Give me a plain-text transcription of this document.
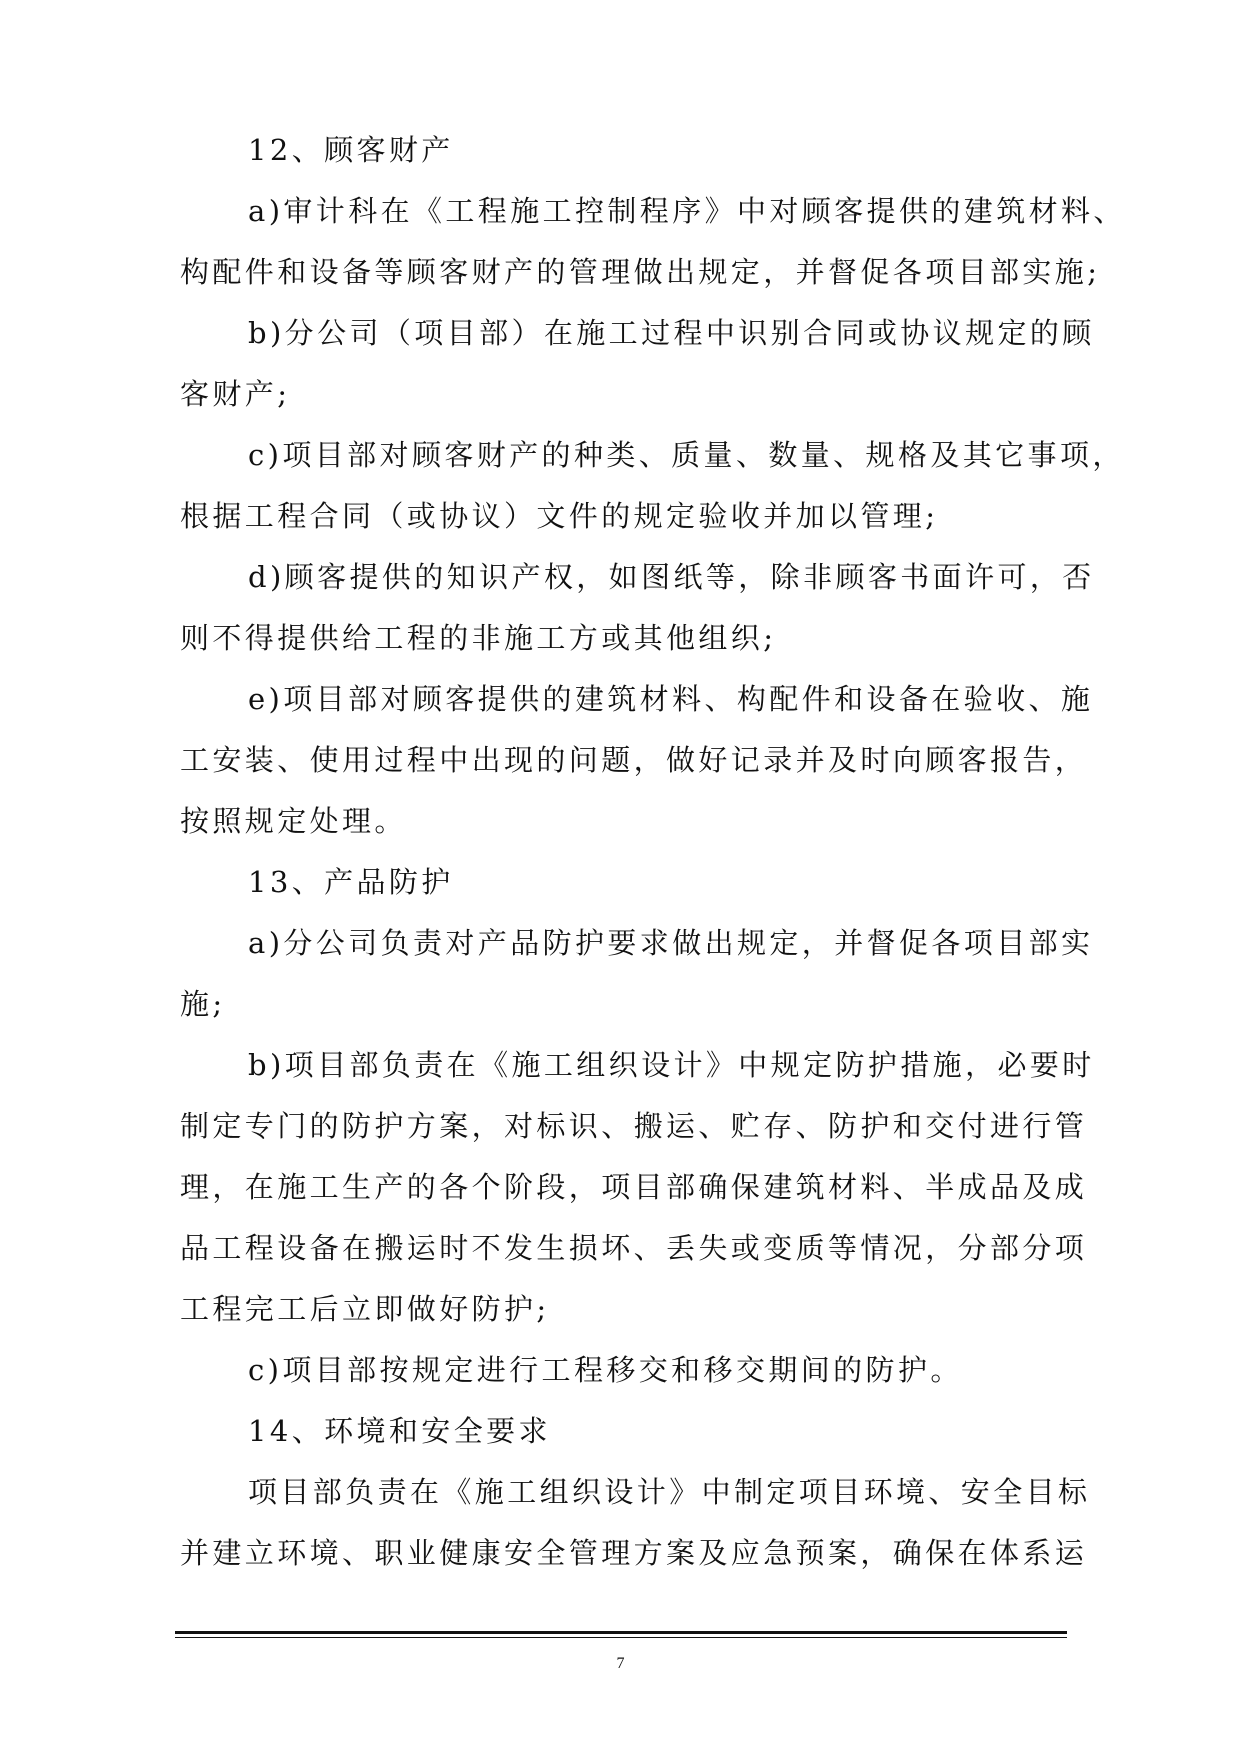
12、顾客财产
a)审计科在《工程施工控制程序》中对顾客提供的建筑材料、
构配件和设备等顾客财产的管理做出规定，并督促各项目部实施;
b)分公司（项目部）在施工过程中识别合同或协议规定的顾
客财产;
c)项目部对顾客财产的种类、质量、数量、规格及其它事项，
根据工程合同（或协议）文件的规定验收并加以管理;
d)顾客提供的知识产权，如图纸等，除非顾客书面许可，否
则不得提供给工程的非施工方或其他组织;
e)项目部对顾客提供的建筑材料、构配件和设备在验收、施
工安装、使用过程中出现的问题，做好记录并及时向顾客报告，
按照规定处理。
13、产品防护
a)分公司负责对产品防护要求做出规定，并督促各项目部实
施;
b)项目部负责在《施工组织设计》中规定防护措施，必要时
制定专门的防护方案，对标识、搬运、贮存、防护和交付进行管
理，在施工生产的各个阶段，项目部确保建筑材料、半成品及成
品工程设备在搬运时不发生损坏、丢失或变质等情况，分部分项
工程完工后立即做好防护;
c)项目部按规定进行工程移交和移交期间的防护。
14、环境和安全要求
项目部负责在《施工组织设计》中制定项目环境、安全目标
并建立环境、职业健康安全管理方案及应急预案，确保在体系运
7
